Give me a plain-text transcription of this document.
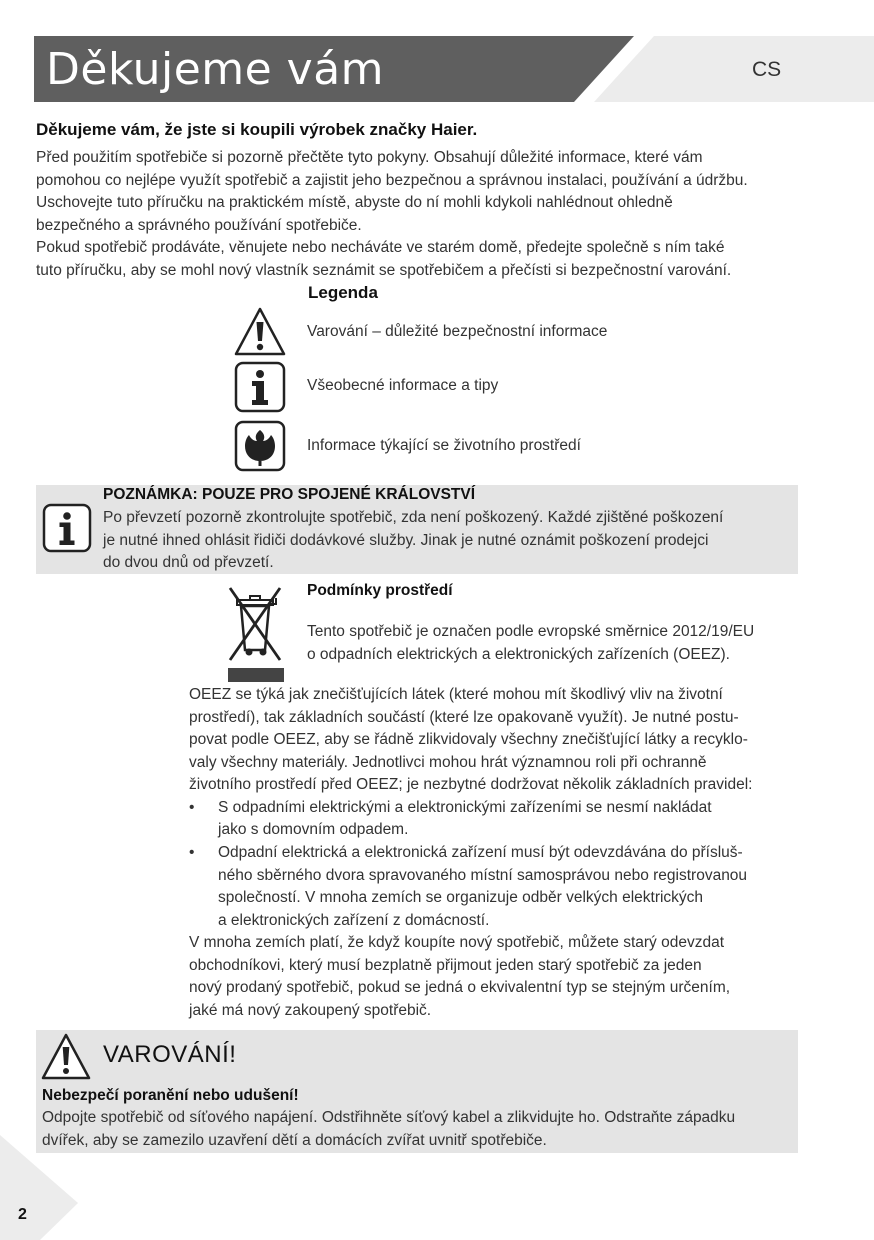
Děkujeme vám	CS
Děkujeme vám, že jste si koupili výrobek značky Haier.
Před použitím spotřebiče si pozorně přečtěte tyto pokyny. Obsahují důležité informace, které vám
pomohou co nejlépe využít spotřebič a zajistit jeho bezpečnou a správnou instalaci, používání a údržbu.
Uschovejte tuto příručku na praktickém místě, abyste do ní mohli kdykoli nahlédnout ohledně
bezpečného a správného používání spotřebiče.
Pokud spotřebič prodáváte, věnujete nebo necháváte ve starém domě, předejte společně s ním také
tuto příručku, aby se mohl nový vlastník seznámit se spotřebičem a přečísti si bezpečnostní varování.
Legenda
Varování – důležité bezpečnostní informace
Všeobecné informace a tipy
Informace týkající se životního prostředí
POZNÁMKA: POUZE PRO SPOJENÉ KRÁLOVSTVÍ
Po převzetí pozorně zkontrolujte spotřebič, zda není poškozený. Každé zjištěné poškození
je nutné ihned ohlásit řidiči dodávkové služby. Jinak je nutné oznámit poškození prodejci
do dvou dnů od převzetí.
Podmínky prostředí
Tento spotřebič je označen podle evropské směrnice 2012/19/EU
o odpadních elektrických a elektronických zařízeních (OEEZ).
OEEZ se týká jak znečišťujících látek (které mohou mít škodlivý vliv na životní
prostředí), tak základních součástí (které lze opakovaně využít). Je nutné postu-
povat podle OEEZ, aby se řádně zlikvidovaly všechny znečišťující látky a recyklo-
valy všechny materiály. Jednotlivci mohou hrát významnou roli při ochranně
životního prostředí před OEEZ; je nezbytné dodržovat několik základních pravidel:
• S odpadními elektrickými a elektronickými zařízeními se nesmí nakládat
jako s domovním odpadem.
• Odpadní elektrická a elektronická zařízení musí být odevzdávána do přísluš-
ného sběrného dvora spravovaného místní samosprávou nebo registrovanou
společností. V mnoha zemích se organizuje odběr velkých elektrických
a elektronických zařízení z domácností.
V mnoha zemích platí, že když koupíte nový spotřebič, můžete starý odevzdat
obchodníkovi, který musí bezplatně přijmout jeden starý spotřebič za jeden
nový prodaný spotřebič, pokud se jedná o ekvivalentní typ se stejným určením,
jaké má nový zakoupený spotřebič.
VAROVÁNÍ!
Nebezpečí poranění nebo udušení!
Odpojte spotřebič od síťového napájení. Odstřihněte síťový kabel a zlikvidujte ho. Odstraňte západku
dvířek, aby se zamezilo uzavření dětí a domácích zvířat uvnitř spotřebiče.
2
